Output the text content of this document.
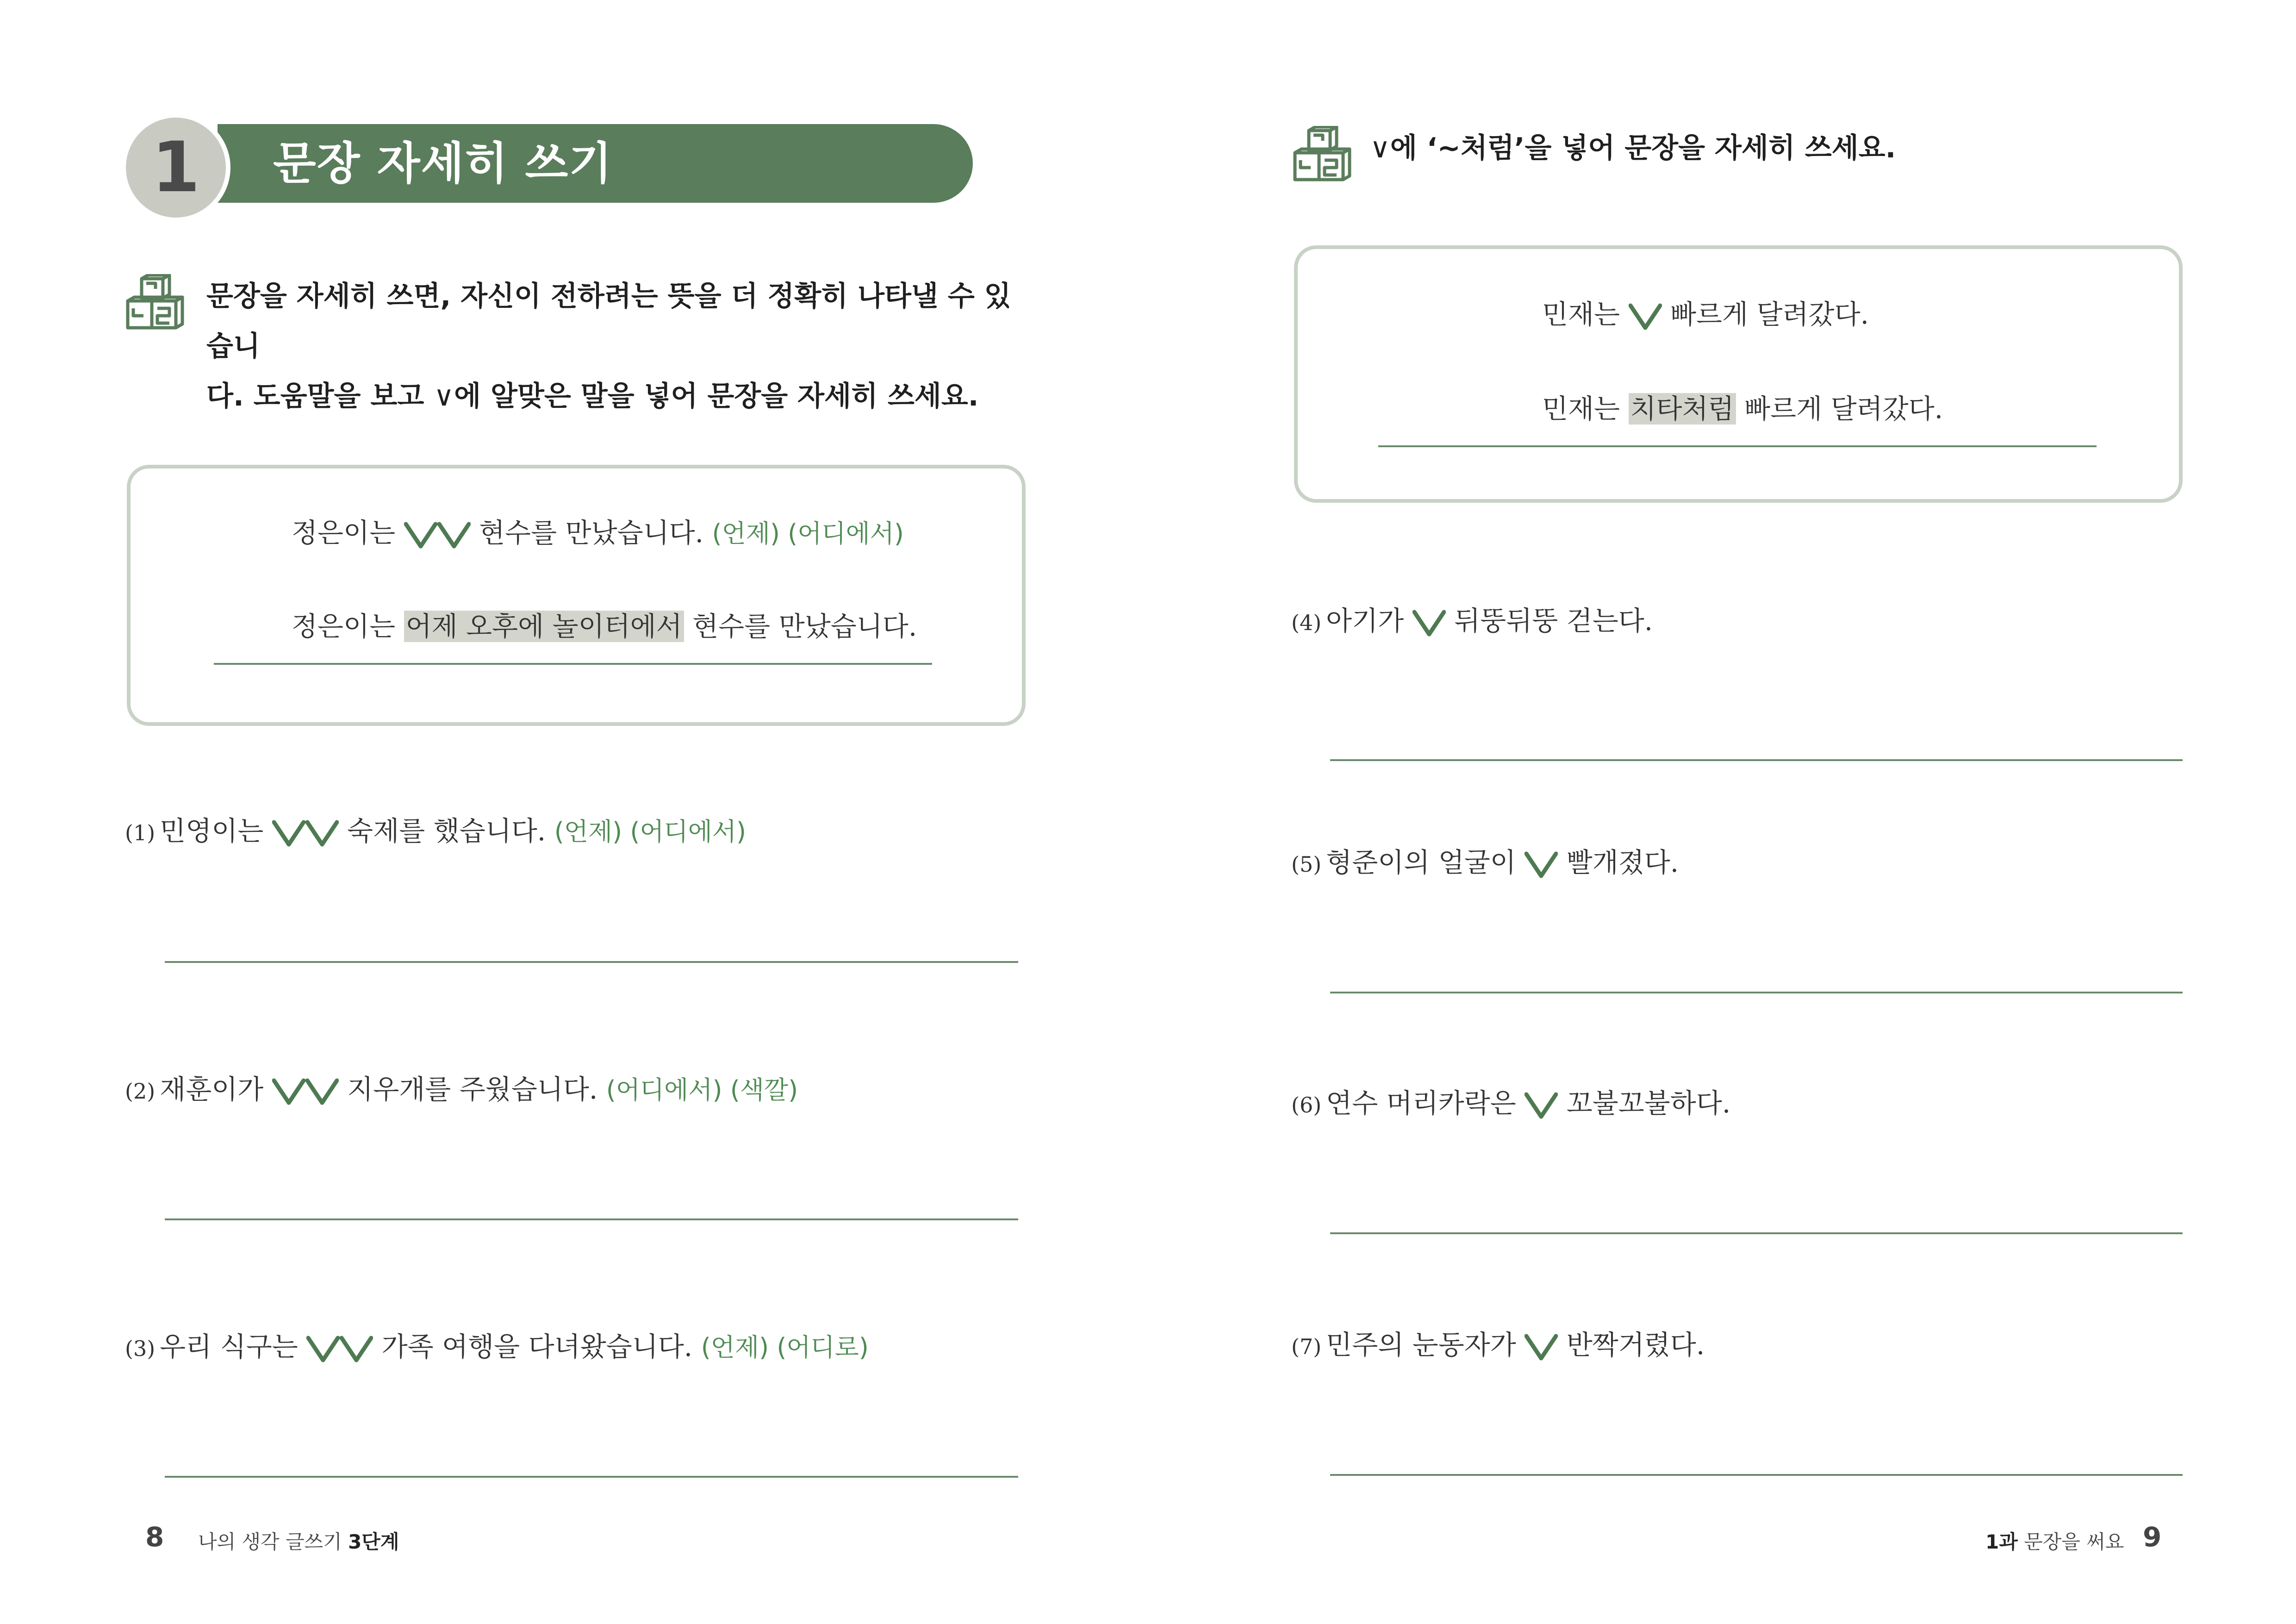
1	문장 자세히 쓰기
문장을 자세히 쓰면, 자신이 전하려는 뜻을 더 정확히 나타낼 수 있습니
다. 도움말을 보고 ∨에 알맞은 말을 넣어 문장을 자세히 쓰세요.
정은이는	현수를 만났습니다. (언제) (어디에서)
정은이는 어제 오후에 놀이터에서 현수를 만났습니다.
(1) 민영이는	숙제를 했습니다. (언제) (어디에서)
(2) 재훈이가	지우개를 주웠습니다. (어디에서) (색깔)
(3) 우리 식구는	가족 여행을 다녀왔습니다. (언제) (어디로)
8 나의 생각 글쓰기 3단계
∨에 ‘~처럼’을 넣어 문장을 자세히 쓰세요.
민재는 빠르게 달려갔다.
민재는 치타처럼 빠르게 달려갔다.
(4) 아기가 뒤뚱뒤뚱 걷는다.
(5) 형준이의 얼굴이 빨개졌다.
(6) 연수 머리카락은 꼬불꼬불하다.
(7) 민주의 눈동자가 반짝거렸다.
1과 문장을 써요 9
